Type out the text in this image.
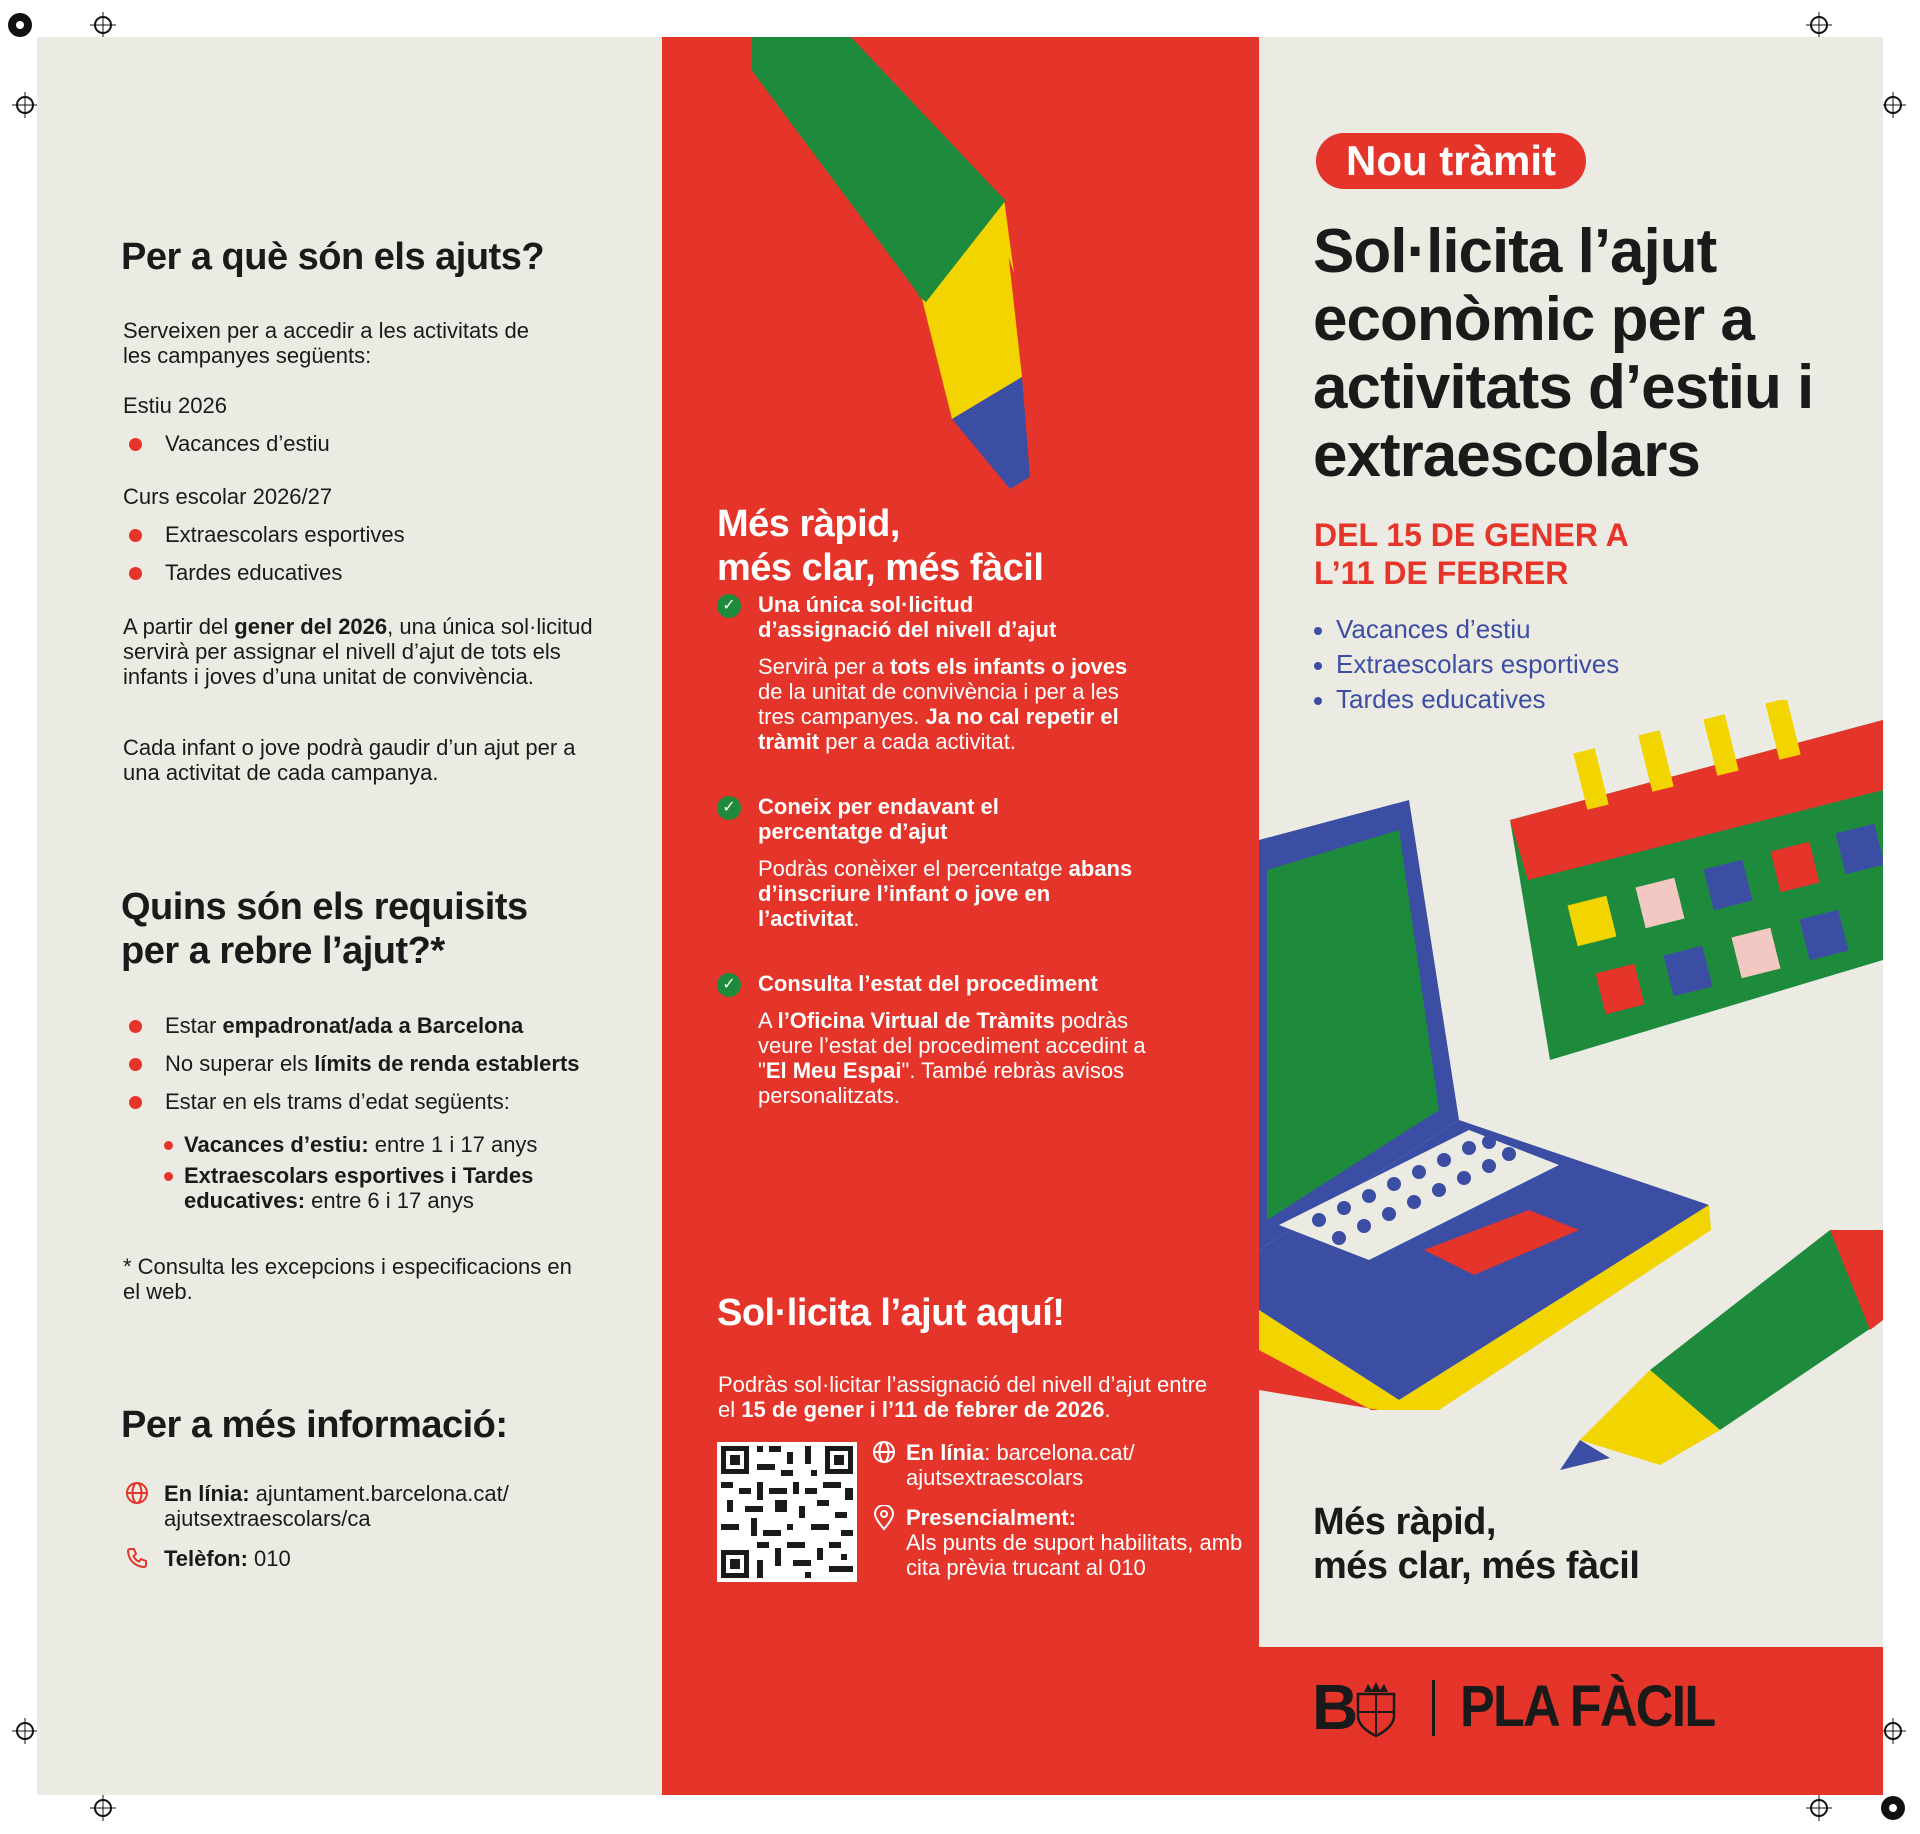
Per a què són els ajuts?

Serveixen per a accedir a les activitats de
les campanyes següents:

Estiu 2026

Vacances d’estiu

Curs escolar 2026/27

Extraescolars esportives
Tardes educatives

A partir del gener del 2026, una única sol·licitud servirà per assignar el nivell d’ajut de tots els infants i joves d’una unitat de convivència.

Cada infant o jove podrà gaudir d’un ajut per a una activitat de cada campanya.

Quins són els requisits
per a rebre l’ajut?*
Estar empadronat/ada a Barcelona
No superar els límits de renda establerts
Estar en els trams d’edat següents:
Vacances d’estiu: entre 1 i 17 anys
Extraescolars esportives i Tardes educatives: entre 6 i 17 anys

* Consulta les excepcions i especificacions en el web.

Per a més informació:

En línia: ajuntament.barcelona.cat/ ajutsextraescolars/ca

Telèfon: 010

Més ràpid,
més clar, més fàcil
✓ Una única sol·licitud
d’assignació del nivell d’ajut
Servirà per a tots els infants o joves de la unitat de convivència i per a les tres campanyes. Ja no cal repetir el tràmit per a cada activitat.
✓ Coneix per endavant el
percentatge d’ajut
Podràs conèixer el percentatge abans d’inscriure l’infant o jove en l’activitat.
✓ Consulta l’estat del procediment
A l’Oficina Virtual de Tràmits podràs veure l’estat del procediment accedint a "El Meu Espai". També rebràs avisos personalitzats.
Sol·licita l’ajut aquí!

Podràs sol·licitar l’assignació del nivell d’ajut entre el 15 de gener i l’11 de febrer de 2026.

En línia: barcelona.cat/ ajutsextraescolars

Presencialment:
Als punts de suport habilitats, amb cita prèvia trucant al 010

Nou tràmit
Sol·licita l’ajut econòmic per a activitats d’estiu i extraescolars
DEL 15 DE GENER A
L’11 DE FEBRER
Vacances d’estiu
Extraescolars esportives
Tardes educatives
Més ràpid,
més clar, més fàcil
B PLA FÀCIL
